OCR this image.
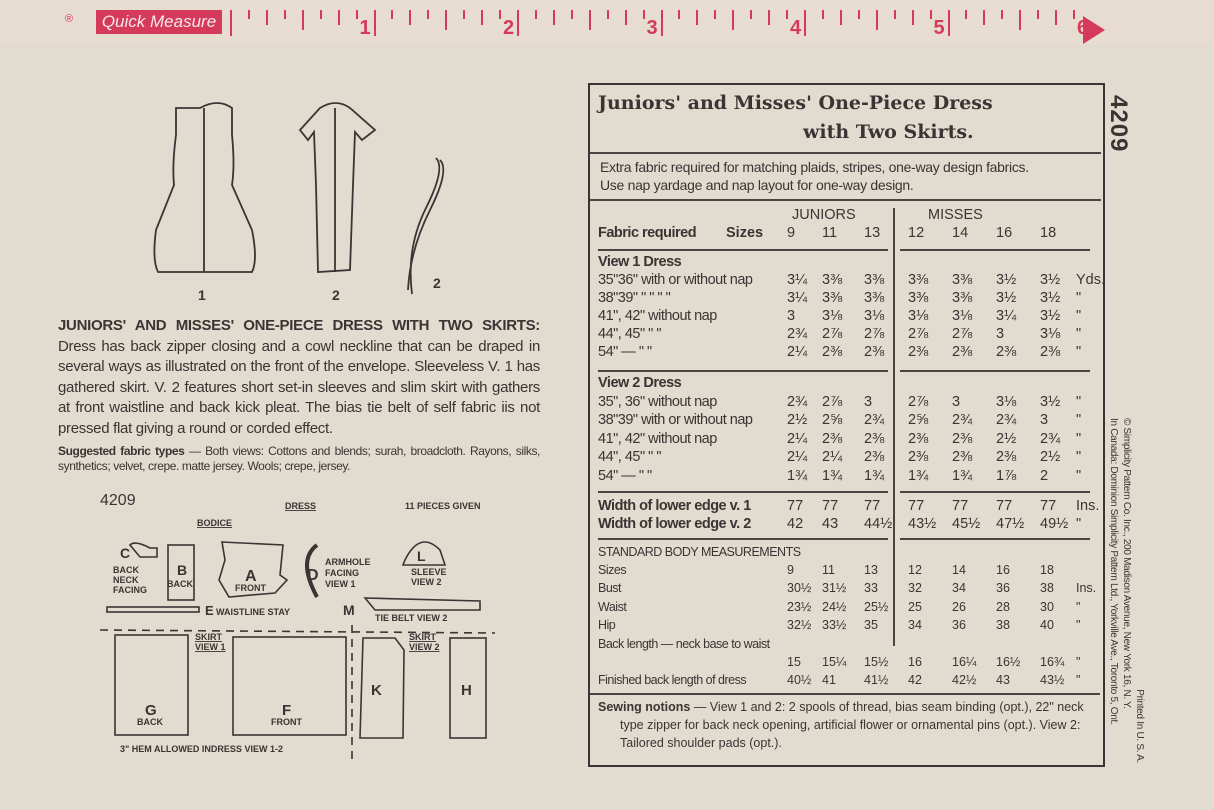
®	Quick Measure	1	2	3	4	5	6
1	2
2
JUNIORS' AND MISSES' ONE-PIECE DRESS WITH TWO SKIRTS: Dress has back zipper closing and a cowl neckline that can be draped in several ways as illustrated on the front of the envelope. Sleeveless V. 1 has gathered skirt. V. 2 features short set-in sleeves and slim skirt with gathers at front waistline and back kick pleat. The bias tie belt of self fabric iis not pressed flat giving a round or corded effect.
Suggested fabric types — Both views: Cottons and blends; surah, broadcloth. Rayons, silks, synthetics; velvet, crepe. matte jersey. Wools; crepe, jersey.
4209	DRESS	11 PIECES GIVEN
BODICE
C
BACK
NECK
FACING
B
BACK	A
FRONT
D
ARMHOLE
FACING
VIEW 1
L
SLEEVE
VIEW 2
E WAISTLINE STAY	M TIE BELT VIEW 2
SKIRT
VIEW 1
SKIRT
VIEW 2
G
BACK
F
FRONT
K	H
3" HEM ALLOWED INDRESS VIEW 1-2
Juniors' and Misses' One-Piece Dress
with Two Skirts.	4209
Extra fabric required for matching plaids, stripes, one-way design fabrics.
Use nap yardage and nap layout for one-way design.
JUNIORS	MISSES
Fabric required Sizes 9 11 13 12 14 16 18
View 1 Dress
35"36" with or without nap 3¼ 3⅜ 3⅜ 3⅜ 3⅜ 3½ 3½ Yds.
38"39" " " " "	3¼ 3⅜ 3⅜ 3⅜ 3⅜ 3½ 3½ "
41", 42" without nap	3 3⅛ 3⅛ 3⅛ 3⅛ 3¼ 3½ "
44", 45" " "	2¾ 2⅞ 2⅞ 2⅞ 2⅞ 3 3⅛ "
54" — " "	2¼ 2⅜ 2⅜ 2⅜ 2⅜ 2⅜ 2⅜ "
View 2 Dress
35", 36" without nap	2¾ 2⅞ 3 2⅞ 3 3⅛ 3½ "
38"39" with or without nap 2½ 2⅝ 2¾ 2⅝ 2¾ 2¾ 3 "
41", 42" without nap	2¼ 2⅜ 2⅜ 2⅜ 2⅜ 2½ 2¾ "
44", 45" " "	2¼ 2¼ 2⅜ 2⅜ 2⅜ 2⅜ 2½ "
54" — " "	1¾ 1¾ 1¾ 1¾ 1¾ 1⅞ 2 "
Width of lower edge v. 1 77 77 77 77 77 77 77 Ins.
Width of lower edge v. 2 42 43 44½ 43½ 45½ 47½ 49½ "
STANDARD BODY MEASUREMENTS
Sizes	9 11 13 12 14 16 18
Bust	30½ 31½ 33 32 34 36 38 Ins.
Waist	23½ 24½ 25½ 25 26 28 30 "
Hip	32½ 33½ 35 34 36 38 40 "
Back length — neck base to waist
15 15¼ 15½ 16 16¼ 16½ 16¾ "
Finished back length of dress	40½ 41 41½ 42 42½ 43 43½ "
Sewing notions — View 1 and 2: 2 spools of thread, bias seam binding (opt.), 22" neck type zipper for back neck opening, artificial flower or ornamental pins (opt.). View 2: Tailored shoulder pads (opt.).	Printed In U. S. A.
© Simplicity Pattern Co. Inc., 200 Madison Avenue, New York 16, N. Y.
In Canada: Dominion Simplicity Pattern Ltd., Yorkville Ave., Toronto 5, Ont.
